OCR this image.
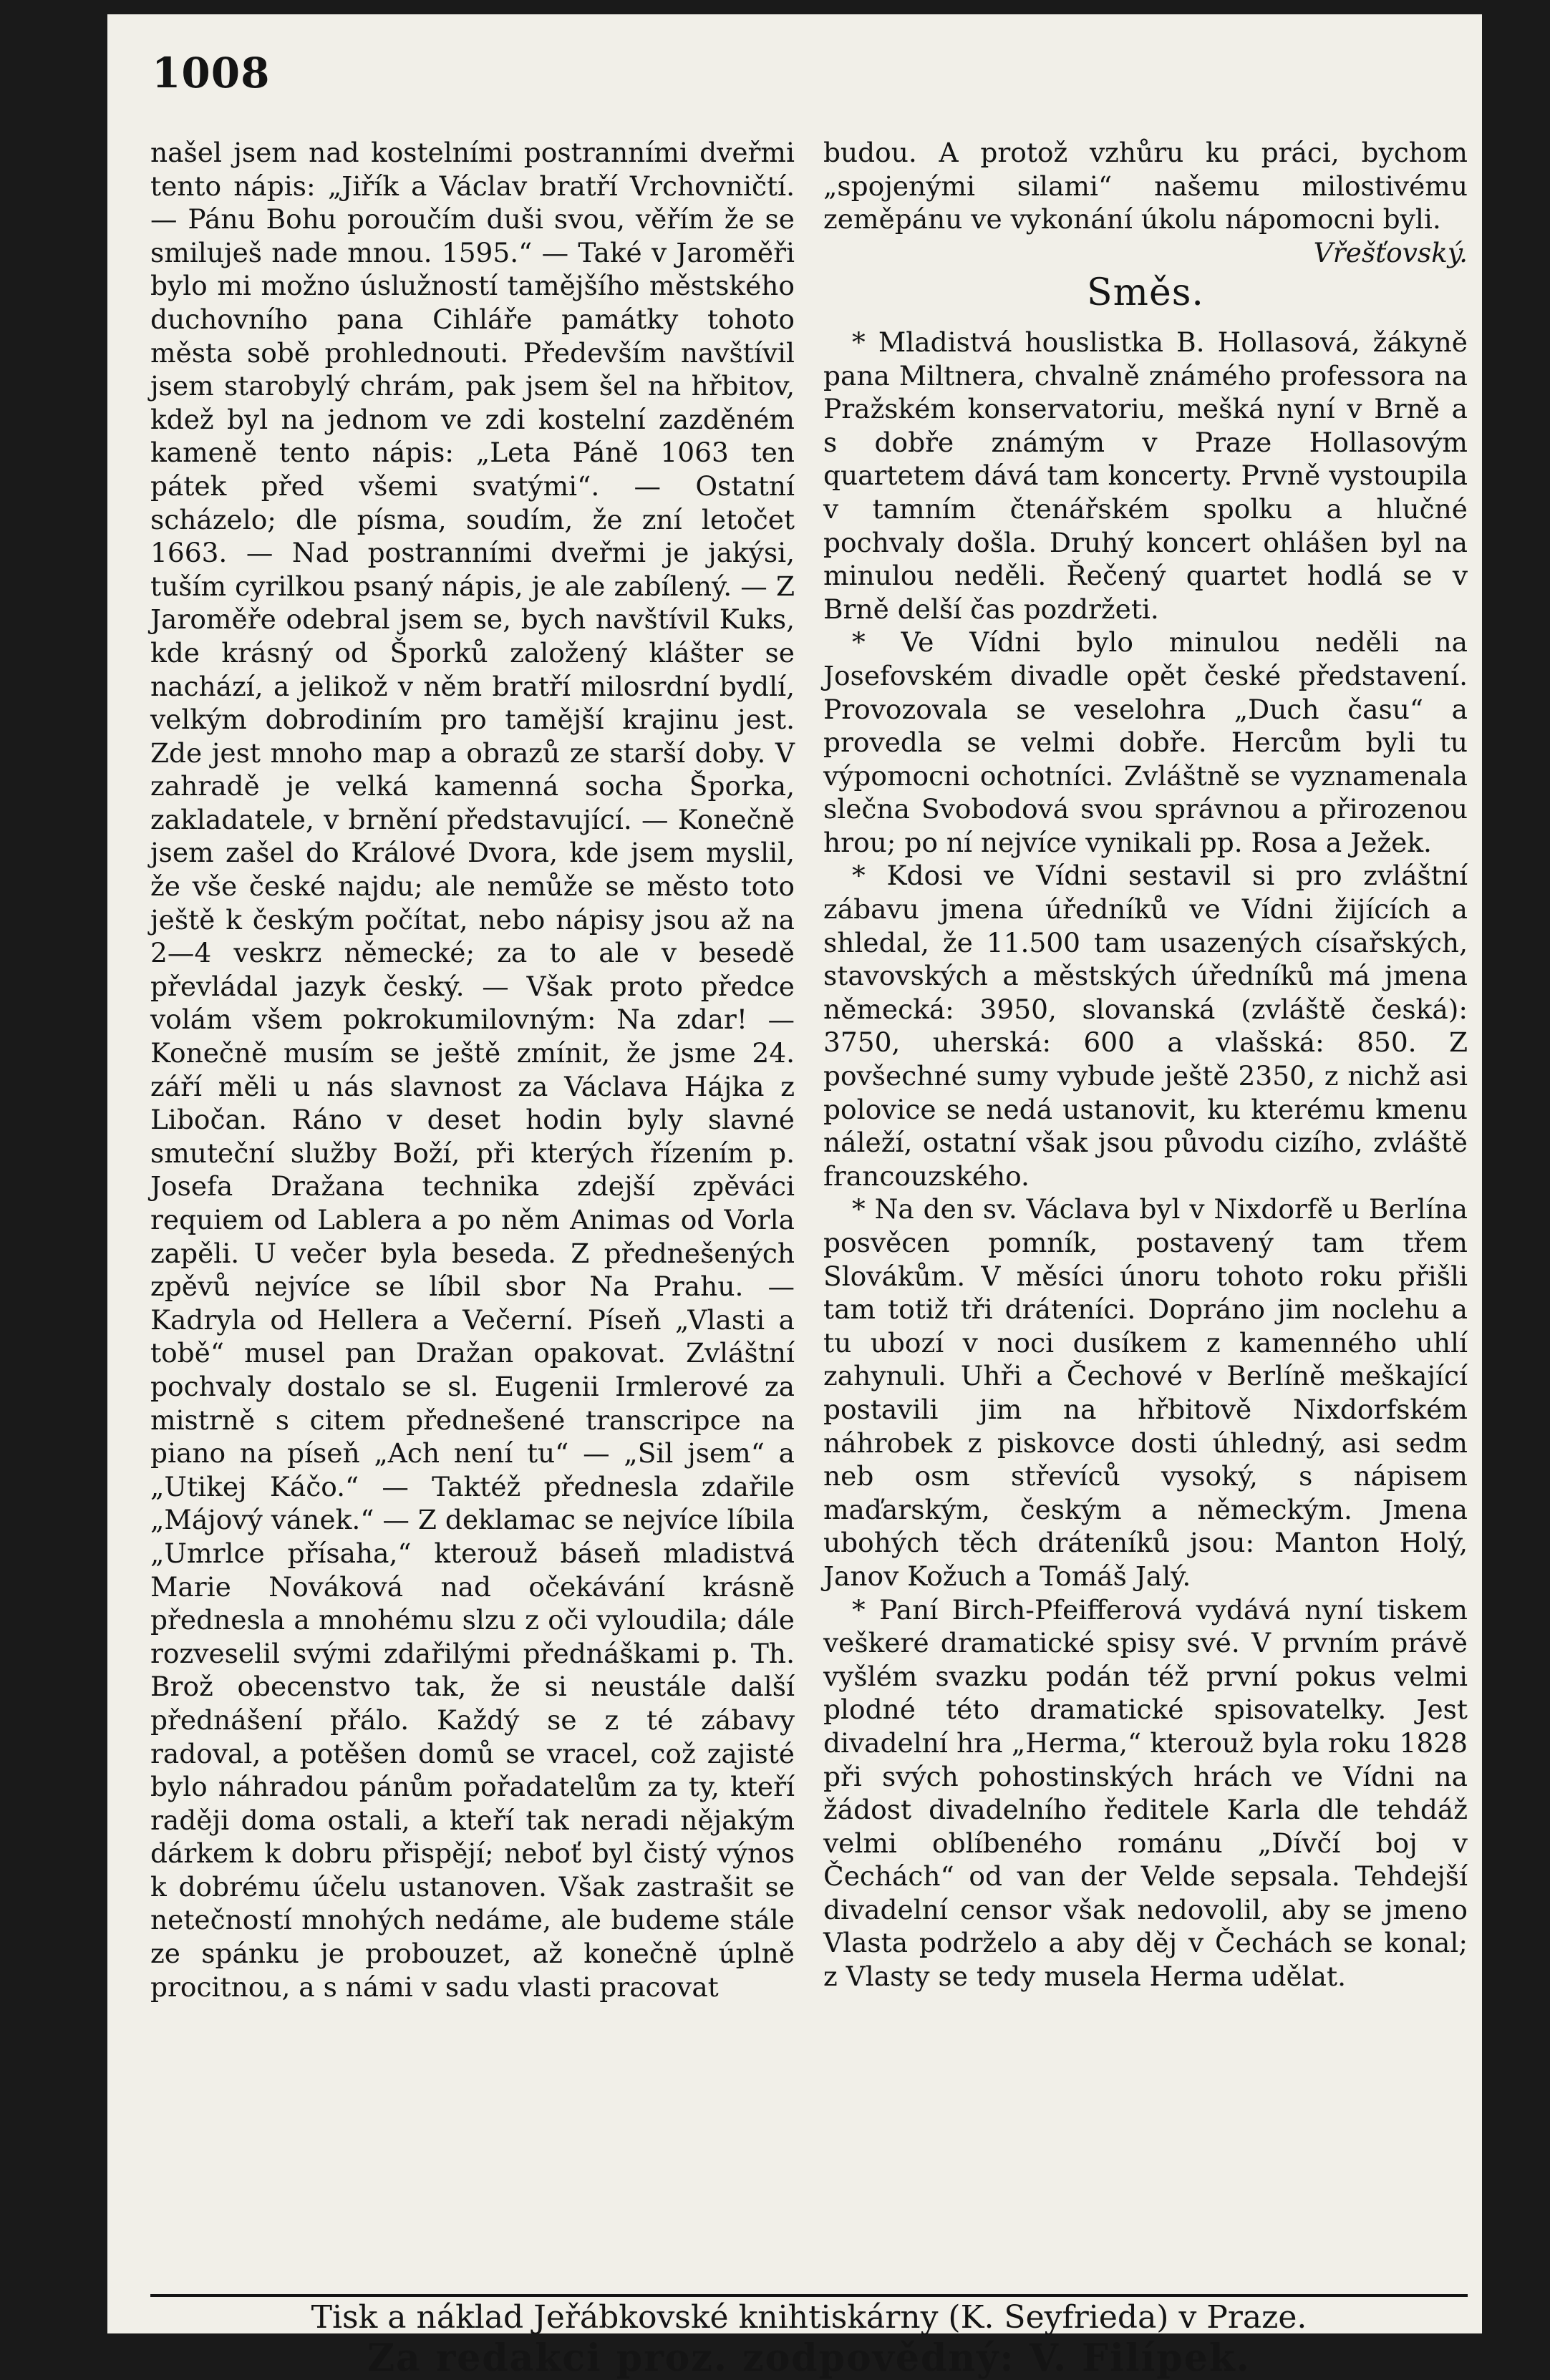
1008

našel jsem nad kostelními postranními dveřmi tento nápis: „Jiřík a Václav bratří Vrchovničtí. — Pánu Bohu poroučím duši svou, věřím že se smiluješ nade mnou. 1595.“ — Také v Jaroměři bylo mi možno úslužností tamějšího městského duchovního pana Cihláře památky tohoto města sobě prohlednouti. Především navštívil jsem starobylý chrám, pak jsem šel na hřbitov, kdež byl na jednom ve zdi kostelní zazděném kameně tento nápis: „Leta Páně 1063 ten pátek před všemi svatými“. — Ostatní scházelo; dle písma, soudím, že zní letočet 1663. — Nad postranními dveřmi je jakýsi, tuším cyrilkou psaný nápis, je ale zabílený. — Z Jaroměře odebral jsem se, bych navštívil Kuks, kde krásný od Šporků založený klášter se nachází, a jelikož v něm bratří milosrdní bydlí, velkým dobrodiním pro tamější krajinu jest. Zde jest mnoho map a obrazů ze starší doby. V zahradě je velká kamenná socha Šporka, zakladatele, v brnění představující. — Konečně jsem zašel do Králové Dvora, kde jsem myslil, že vše české najdu; ale nemůže se město toto ještě k českým počítat, nebo nápisy jsou až na 2—4 veskrz německé; za to ale v besedě převládal jazyk český. — Však proto předce volám všem pokrokumilovným: Na zdar! — Konečně musím se ještě zmínit, že jsme 24. září měli u nás slavnost za Václava Hájka z Libočan. Ráno v deset hodin byly slavné smuteční služby Boží, při kterých řízením p. Josefa Dražana technika zdejší zpěváci requiem od Lablera a po něm Animas od Vorla zapěli. U večer byla beseda. Z přednešených zpěvů nejvíce se líbil sbor Na Prahu. — Kadryla od Hellera a Večerní. Píseň „Vlasti a tobě“ musel pan Dražan opakovat. Zvláštní pochvaly dostalo se sl. Eugenii Irmlerové za mistrně s citem přednešené transcripce na piano na píseň „Ach není tu“ — „Sil jsem“ a „Utikej Káčo.“ — Taktéž přednesla zdařile „Májový vánek.“ — Z deklamac se nejvíce líbila „Umrlce přísaha,“ kterouž báseň mladistvá Marie Nováková nad očekávání krásně přednesla a mnohému slzu z oči vyloudila; dále rozveselil svými zdařilými přednáškami p. Th. Brož obecenstvo tak, že si neustále další přednášení přálo. Každý se z té zábavy radoval, a potěšen domů se vracel, což zajisté bylo náhradou pánům pořadatelům za ty, kteří raději doma ostali, a kteří tak neradi nějakým dárkem k dobru přispějí; neboť byl čistý výnos k dobrému účelu ustanoven. Však zastrašit se netečností mnohých nedáme, ale budeme stále ze spánku je probouzet, až konečně úplně procitnou, a s námi v sadu vlasti pracovat

budou. A protož vzhůru ku práci, bychom „spojenými silami“ našemu milostivému zeměpánu ve vykonání úkolu nápomocni byli.

Vřešťovský.

Směs.

* Mladistvá houslistka B. Hollasová, žákyně pana Miltnera, chvalně známého professora na Pražském konservatoriu, mešká nyní v Brně a s dobře známým v Praze Hollasovým quartetem dává tam koncerty. Prvně vystoupila v tamním čtenářském spolku a hlučné pochvaly došla. Druhý koncert ohlášen byl na minulou neděli. Řečený quartet hodlá se v Brně delší čas pozdržeti.

* Ve Vídni bylo minulou neděli na Josefovském divadle opět české představení. Provozovala se veselohra „Duch času“ a provedla se velmi dobře. Hercům byli tu výpomocni ochotníci. Zvláštně se vyznamenala slečna Svobodová svou správnou a přirozenou hrou; po ní nejvíce vynikali pp. Rosa a Ježek.

* Kdosi ve Vídni sestavil si pro zvláštní zábavu jmena úředníků ve Vídni žijících a shledal, že 11.500 tam usazených císařských, stavovských a městských úředníků má jmena německá: 3950, slovanská (zvláště česká): 3750, uherská: 600 a vlašská: 850. Z povšechné sumy vybude ještě 2350, z nichž asi polovice se nedá ustanovit, ku kterému kmenu náleží, ostatní však jsou původu cizího, zvláště francouzského.

* Na den sv. Václava byl v Nixdorfě u Berlína posvěcen pomník, postavený tam třem Slovákům. V měsíci únoru tohoto roku přišli tam totiž tři dráteníci. Dopráno jim noclehu a tu ubozí v noci dusíkem z kamenného uhlí zahynuli. Uhři a Čechové v Berlíně meškající postavili jim na hřbitově Nixdorfském náhrobek z piskovce dosti úhledný, asi sedm neb osm střevíců vysoký, s nápisem maďarským, českým a německým. Jmena ubohých těch dráteníků jsou: Manton Holý, Janov Kožuch a Tomáš Jalý.

* Paní Birch-Pfeifferová vydává nyní tiskem veškeré dramatické spisy své. V prvním právě vyšlém svazku podán též první pokus velmi plodné této dramatické spisovatelky. Jest divadelní hra „Herma,“ kterouž byla roku 1828 při svých pohostinských hrách ve Vídni na žádost divadelního ředitele Karla dle tehdáž velmi oblíbeného románu „Dívčí boj v Čechách“ od van der Velde sepsala. Tehdejší divadelní censor však nedovolil, aby se jmeno Vlasta podrželo a aby děj v Čechách se konal; z Vlasty se tedy musela Herma udělat.

Tisk a náklad Jeřábkovské knihtiskárny (K. Seyfrieda) v Praze.
Za redakci proz. zodpovědný: V. Filípek.
